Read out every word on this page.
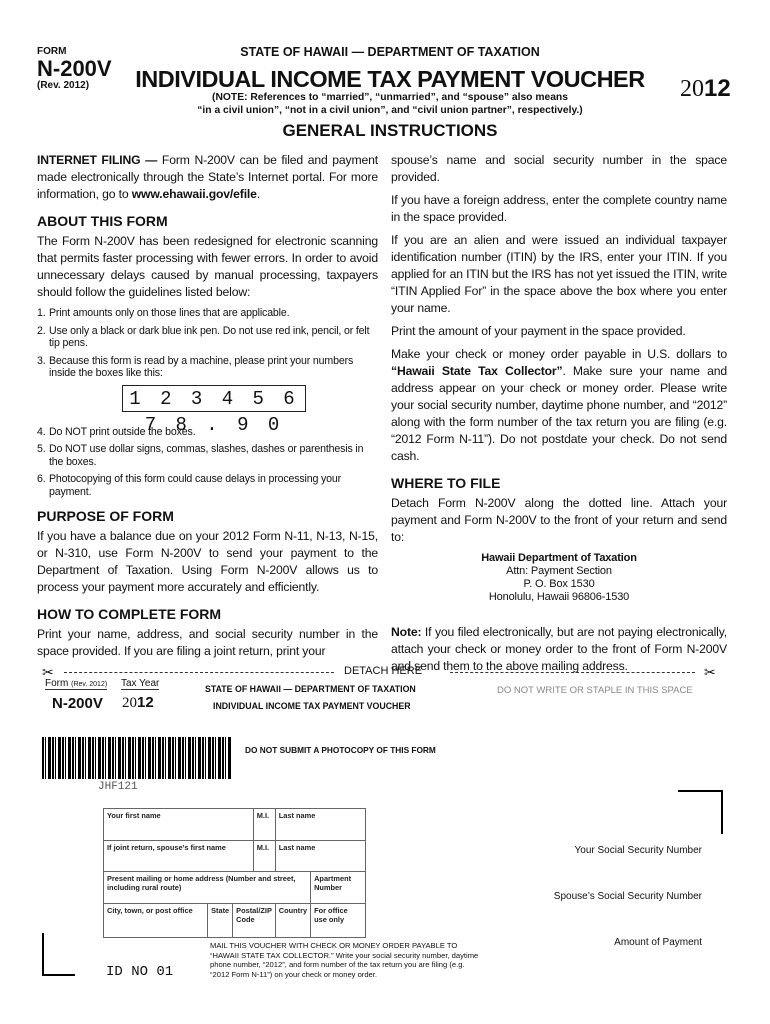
FORM
N-200V
(Rev. 2012)
STATE OF HAWAII — DEPARTMENT OF TAXATION
INDIVIDUAL INCOME TAX PAYMENT VOUCHER
(NOTE: References to “married”, “unmarried”, and “spouse” also means
“in a civil union”, “not in a civil union”, and “civil union partner”, respectively.)
2012
GENERAL INSTRUCTIONS

INTERNET FILING — Form N-200V can be filed and payment made electronically through the State’s Internet portal. For more information, go to www.ehawaii.gov/efile.

ABOUT THIS FORM

The Form N-200V has been redesigned for electronic scanning that permits faster processing with fewer errors. In order to avoid unnecessary delays caused by manual processing, taxpayers should follow the guidelines listed below:

1. Print amounts only on those lines that are applicable.
2. Use only a black or dark blue ink pen. Do not use red ink, pencil, or felt tip pens.
3. Because this form is read by a machine, please print your numbers inside the boxes like this:
1 2 3 4 5 6 7 8 . 9 0
4. Do NOT print outside the boxes.
5. Do NOT use dollar signs, commas, slashes, dashes or parenthesis in the boxes.
6. Photocopying of this form could cause delays in processing your payment.
PURPOSE OF FORM

If you have a balance due on your 2012 Form N-11, N-13, N-15, or N-310, use Form N-200V to send your payment to the Department of Taxation. Using Form N-200V allows us to process your payment more accurately and efficiently.

HOW TO COMPLETE FORM

Print your name, address, and social security number in the space provided. If you are filing a joint return, print your

spouse’s name and social security number in the space provided.

If you have a foreign address, enter the complete country name in the space provided.

If you are an alien and were issued an individual taxpayer identification number (ITIN) by the IRS, enter your ITIN. If you applied for an ITIN but the IRS has not yet issued the ITIN, write “ITIN Applied For” in the space above the box where you enter your name.

Print the amount of your payment in the space provided.

Make your check or money order payable in U.S. dollars to “Hawaii State Tax Collector”. Make sure your name and address appear on your check or money order. Please write your social security number, daytime phone number, and “2012” along with the form number of the tax return you are filing (e.g. “2012 Form N-11”). Do not postdate your check. Do not send cash.

WHERE TO FILE

Detach Form N-200V along the dotted line. Attach your payment and Form N-200V to the front of your return and send to:

Hawaii Department of Taxation
Attn: Payment Section
P. O. Box 1530
Honolulu, Hawaii 96806-1530

Note: If you filed electronically, but are not paying electronically, attach your check or money order to the front of Form N-200V and send them to the above mailing address.

✂	DETACH HERE	✂
Form (Rev. 2012) Tax Year
N-200V 2012
STATE OF HAWAII — DEPARTMENT OF TAXATION
INDIVIDUAL INCOME TAX PAYMENT VOUCHER
DO NOT WRITE OR STAPLE IN THIS SPACE
JHF121
DO NOT SUBMIT A PHOTOCOPY OF THIS FORM
Your first name			M.I.	Last name	
If joint return, spouse’s first name			M.I.	Last name	
Present mailing or home address (Number and street, including rural route)					Apartment Number
City, town, or post office	State	Postal/ZIP Code		Country	For office use only
Your Social Security Number
Spouse’s Social Security Number
Amount of Payment
ID NO 01
MAIL THIS VOUCHER WITH CHECK OR MONEY ORDER PAYABLE TO “HAWAII STATE TAX COLLECTOR.” Write your social security number, daytime phone number, “2012”, and form number of the tax return you are filing (e.g. “2012 Form N-11”) on your check or money order.
